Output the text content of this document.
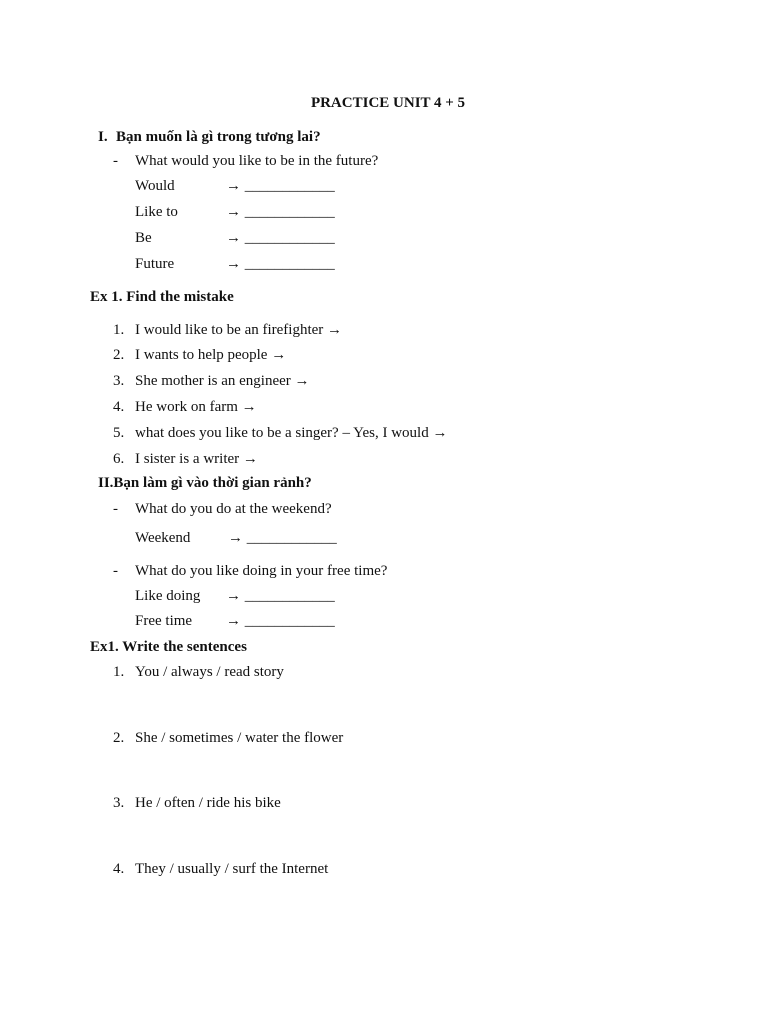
PRACTICE UNIT 4 + 5
I. Bạn muốn là gì trong tương lai?
- What would you like to be in the future?
Would	→ ____________
Like to	→ ____________
Be	→ ____________
Future	→ ____________
Ex 1. Find the mistake
1. I would like to be an firefighter →
2. I wants to help people →
3. She mother is an engineer →
4. He work on farm →
5. what does you like to be a singer? – Yes, I would →
6. I sister is a writer →
II.Bạn làm gì vào thời gian rảnh?
- What do you do at the weekend?
Weekend	→ ____________
- What do you like doing in your free time?
Like doing → ____________
Free time → ____________
Ex1. Write the sentences
1. You / always / read story
2. She / sometimes / water the flower
3. He / often / ride his bike
4. They / usually / surf the Internet
